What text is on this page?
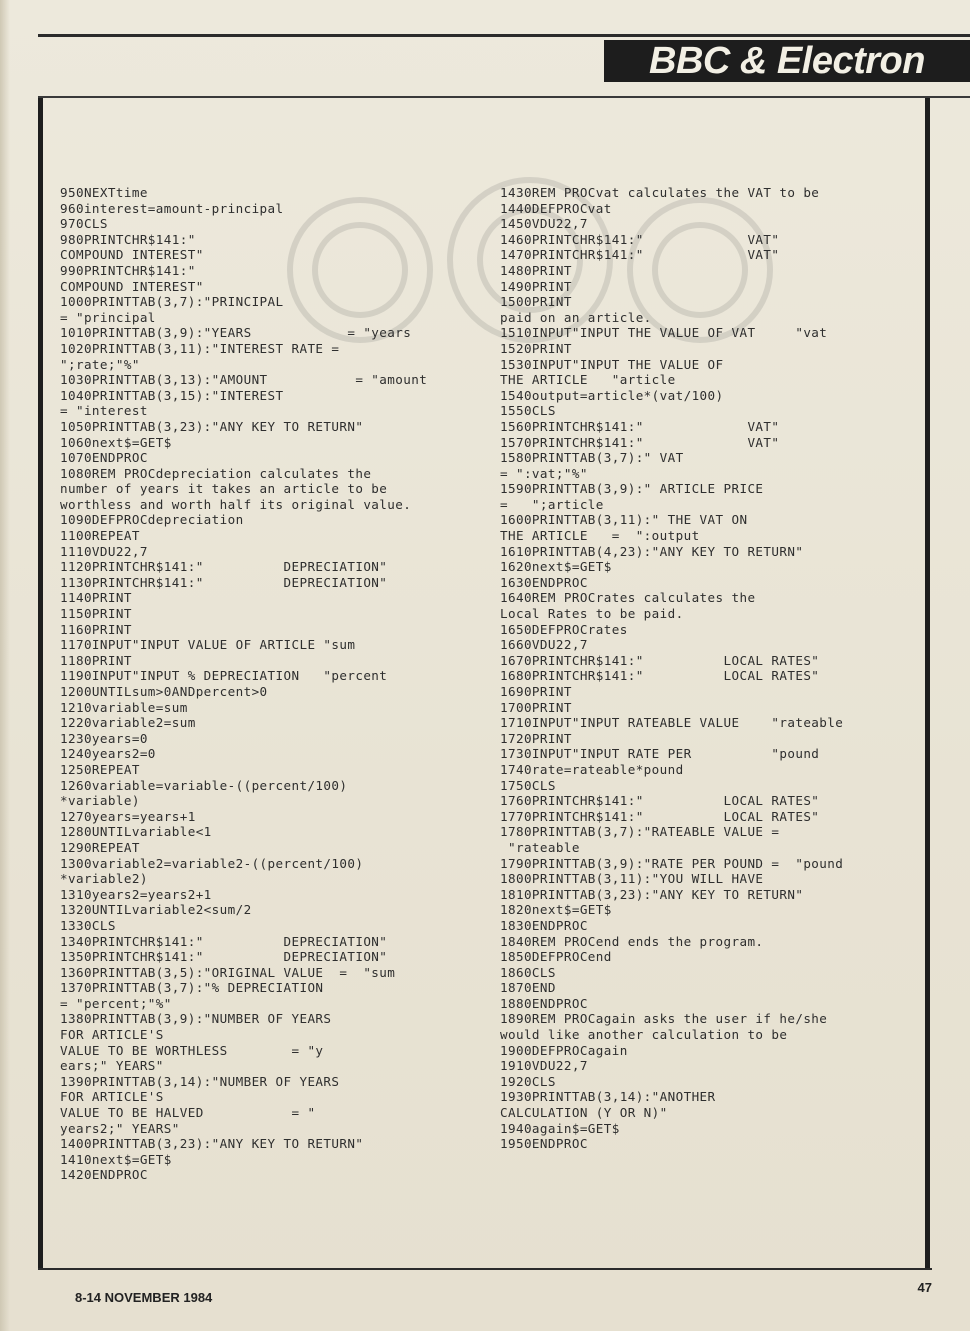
BBC & Electron
950NEXTtime
960interest=amount-principal
970CLS
980PRINTCHR$141:"
COMPOUND INTEREST"
990PRINTCHR$141:"
COMPOUND INTEREST"
1000PRINTTAB(3,7):"PRINCIPAL
= "principal
1010PRINTTAB(3,9):"YEARS            = "years
1020PRINTTAB(3,11):"INTEREST RATE =
";rate;"%"
1030PRINTTAB(3,13):"AMOUNT           = "amount
1040PRINTTAB(3,15):"INTEREST
= "interest
1050PRINTTAB(3,23):"ANY KEY TO RETURN"
1060next$=GET$
1070ENDPROC
1080REM PROCdepreciation calculates the
number of years it takes an article to be
worthless and worth half its original value.
1090DEFPROCdepreciation
1100REPEAT
1110VDU22,7
1120PRINTCHR$141:"          DEPRECIATION"
1130PRINTCHR$141:"          DEPRECIATION"
1140PRINT
1150PRINT
1160PRINT
1170INPUT"INPUT VALUE OF ARTICLE "sum
1180PRINT
1190INPUT"INPUT % DEPRECIATION   "percent
1200UNTILsum>0ANDpercent>0
1210variable=sum
1220variable2=sum
1230years=0
1240years2=0
1250REPEAT
1260variable=variable-((percent/100)
*variable)
1270years=years+1
1280UNTILvariable<1
1290REPEAT
1300variable2=variable2-((percent/100)
*variable2)
1310years2=years2+1
1320UNTILvariable2<sum/2
1330CLS
1340PRINTCHR$141:"          DEPRECIATION"
1350PRINTCHR$141:"          DEPRECIATION"
1360PRINTTAB(3,5):"ORIGINAL VALUE  =  "sum
1370PRINTTAB(3,7):"% DEPRECIATION
= "percent;"%"
1380PRINTTAB(3,9):"NUMBER OF YEARS
FOR ARTICLE'S
VALUE TO BE WORTHLESS        = "y
ears;" YEARS"
1390PRINTTAB(3,14):"NUMBER OF YEARS
FOR ARTICLE'S
VALUE TO BE HALVED           = "
years2;" YEARS"
1400PRINTTAB(3,23):"ANY KEY TO RETURN"
1410next$=GET$
1420ENDPROC
1430REM PROCvat calculates the VAT to be
1440DEFPROCvat
1450VDU22,7
1460PRINTCHR$141:"             VAT"
1470PRINTCHR$141:"             VAT"
1480PRINT
1490PRINT
1500PRINT
paid on an article.
1510INPUT"INPUT THE VALUE OF VAT     "vat
1520PRINT
1530INPUT"INPUT THE VALUE OF
THE ARTICLE   "article
1540output=article*(vat/100)
1550CLS
1560PRINTCHR$141:"             VAT"
1570PRINTCHR$141:"             VAT"
1580PRINTTAB(3,7):" VAT
= ":vat;"%"
1590PRINTTAB(3,9):" ARTICLE PRICE
=   ";article
1600PRINTTAB(3,11):" THE VAT ON
THE ARTICLE   =  ":output
1610PRINTTAB(4,23):"ANY KEY TO RETURN"
1620next$=GET$
1630ENDPROC
1640REM PROCrates calculates the
Local Rates to be paid.
1650DEFPROCrates
1660VDU22,7
1670PRINTCHR$141:"          LOCAL RATES"
1680PRINTCHR$141:"          LOCAL RATES"
1690PRINT
1700PRINT
1710INPUT"INPUT RATEABLE VALUE    "rateable
1720PRINT
1730INPUT"INPUT RATE PER          "pound
1740rate=rateable*pound
1750CLS
1760PRINTCHR$141:"          LOCAL RATES"
1770PRINTCHR$141:"          LOCAL RATES"
1780PRINTTAB(3,7):"RATEABLE VALUE =
"rateable
1790PRINTTAB(3,9):"RATE PER POUND =  "pound
1800PRINTTAB(3,11):"YOU WILL HAVE
1810PRINTTAB(3,23):"ANY KEY TO RETURN"
1820next$=GET$
1830ENDPROC
1840REM PROCend ends the program.
1850DEFPROCend
1860CLS
1870END
1880ENDPROC
1890REM PROCagain asks the user if he/she
would like another calculation to be
1900DEFPROCagain
1910VDU22,7
1920CLS
1930PRINTTAB(3,14):"ANOTHER
CALCULATION (Y OR N)"
1940again$=GET$
1950ENDPROC
8-14 NOVEMBER 1984
47
